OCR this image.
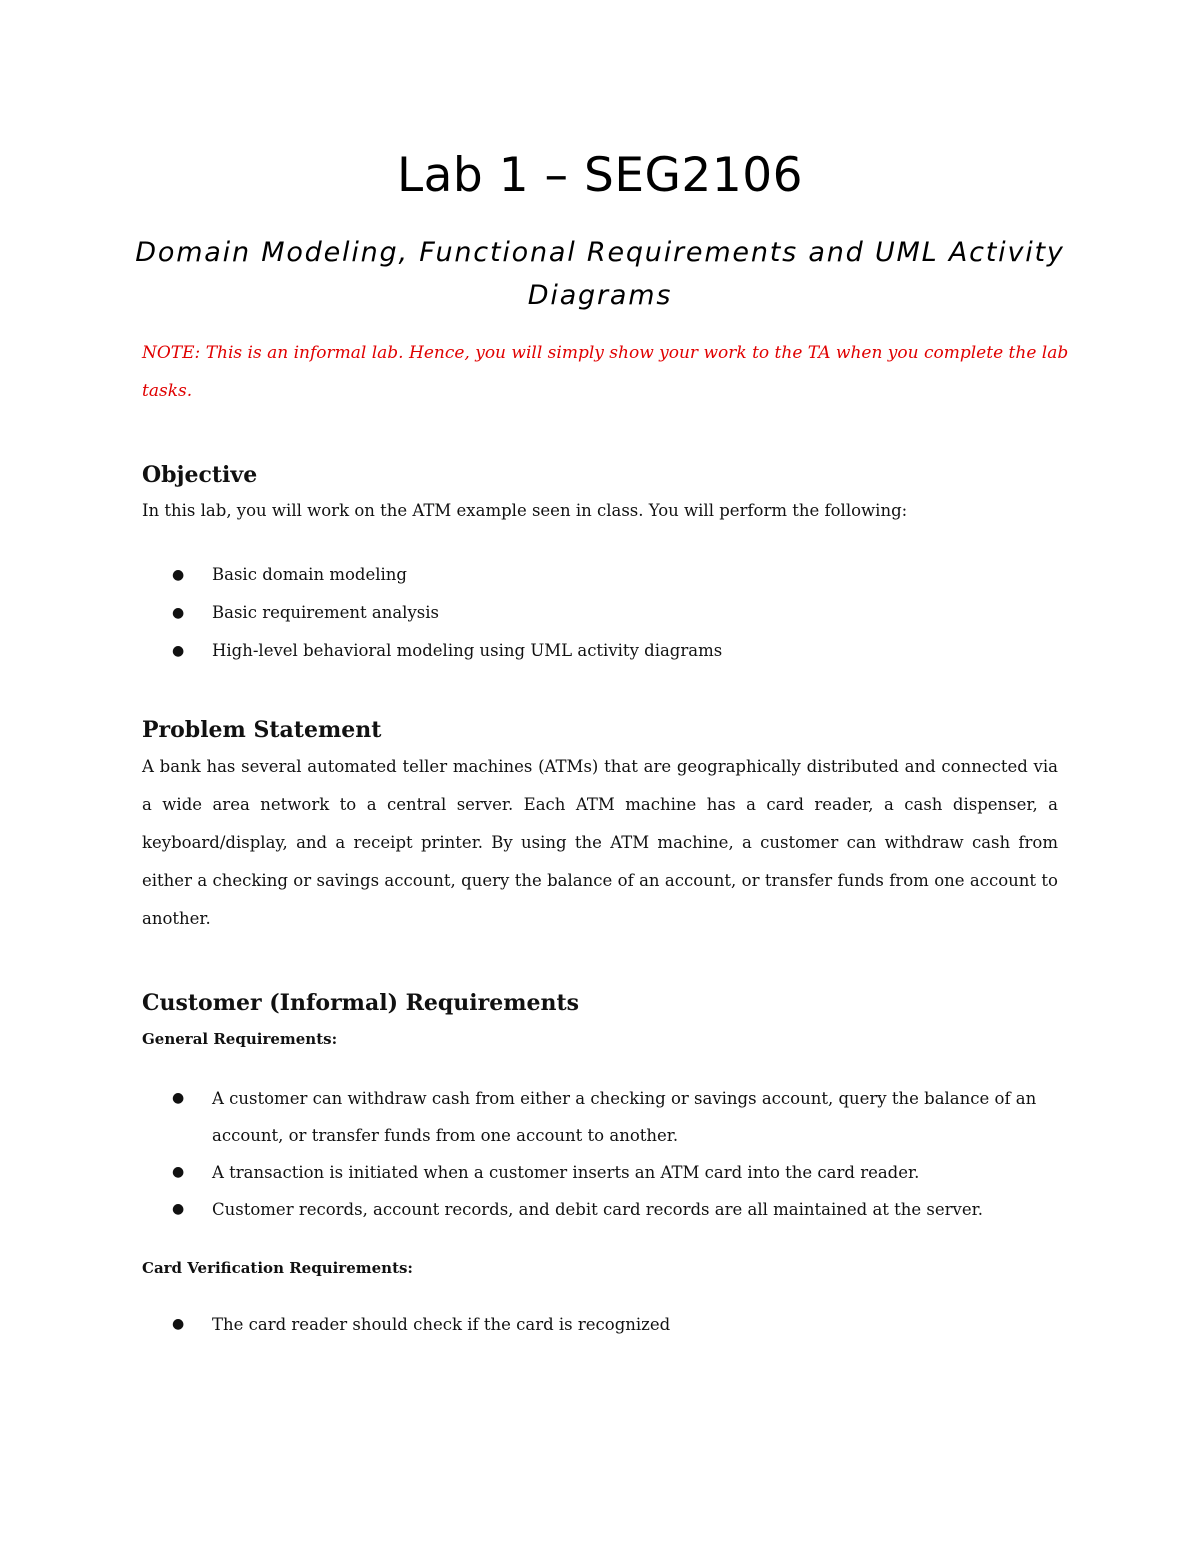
Lab 1 – SEG2106

Domain Modeling, Functional Requirements and UML Activity Diagrams

NOTE: This is an informal lab. Hence, you will simply show your work to the TA when you complete the lab tasks.

Objective

In this lab, you will work on the ATM example seen in class. You will perform the following:

● Basic domain modeling
● Basic requirement analysis
● High-level behavioral modeling using UML activity diagrams
Problem Statement

A bank has several automated teller machines (ATMs) that are geographically distributed and connected via a wide area network to a central server. Each ATM machine has a card reader, a cash dispenser, a keyboard/display, and a receipt printer. By using the ATM machine, a customer can withdraw cash from either a checking or savings account, query the balance of an account, or transfer funds from one account to another.

Customer (Informal) Requirements
General Requirements:
● A customer can withdraw cash from either a checking or savings account, query the balance of an account, or transfer funds from one account to another.
● A transaction is initiated when a customer inserts an ATM card into the card reader.
● Customer records, account records, and debit card records are all maintained at the server.
Card Verification Requirements:
● The card reader should check if the card is recognized
